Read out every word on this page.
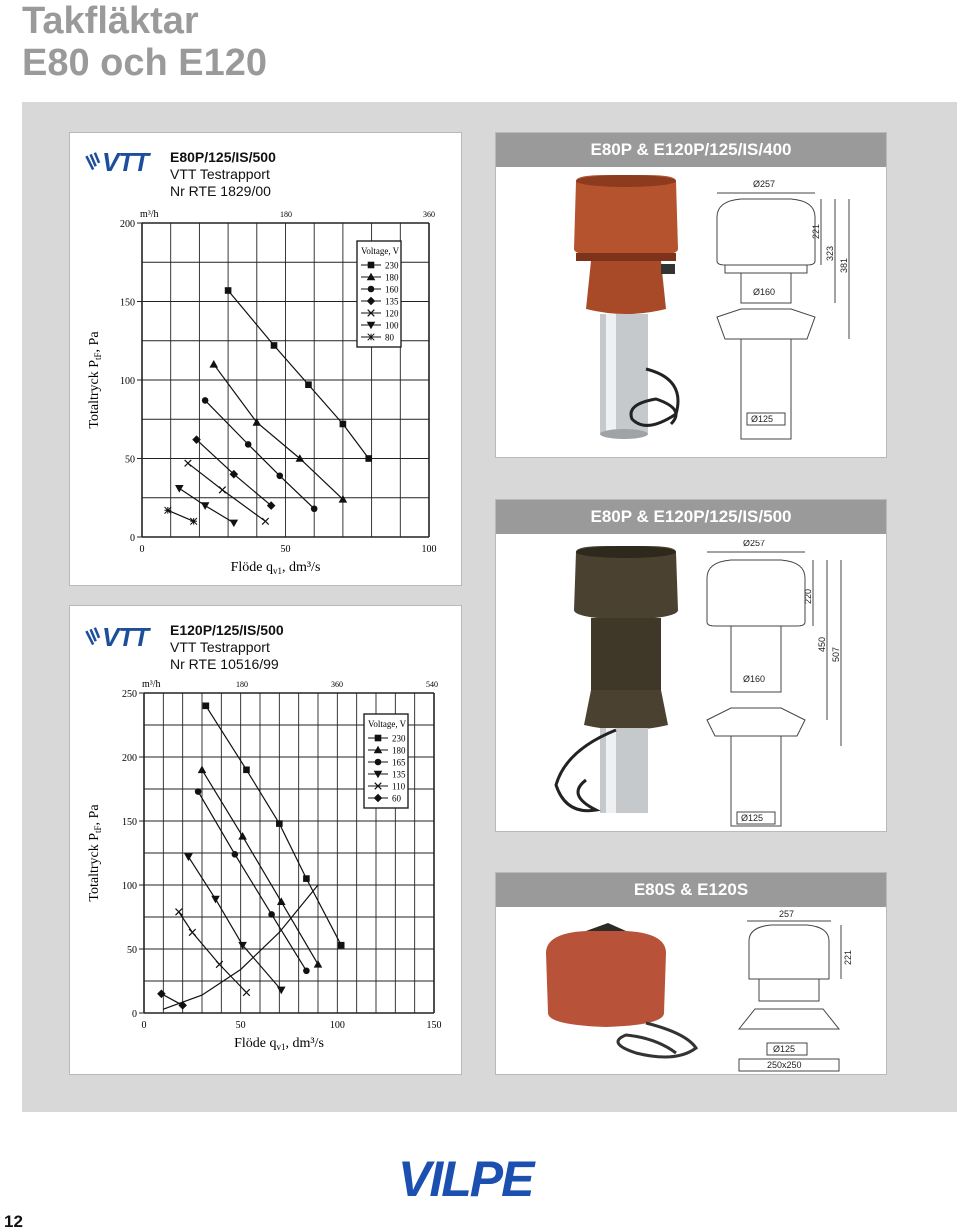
Takfläktar
E80 och E120
VTT E80P/125/IS/500
VTT Testrapport
Nr RTE 1829/00
0
50
100
150
200
0	50	100
m³/h	180	360
Totaltryck $P_{tF}$, Pa
Flöde $q_{v1}$, dm³/s
Voltage, V
230
180
160
135
120
100
80
VTT E120P/125/IS/500
VTT Testrapport
Nr RTE 10516/99
0
50
100
150
200
250
0	50	100	150
m³/h	180	360	540
Totaltryck $P_{tF}$, Pa
Flöde $q_{v1}$, dm³/s
Voltage, V
230
180
165
135
110
60
E80P & E120P/125/IS/400
Ø257
221
323
381
Ø160
Ø125
E80P & E120P/125/IS/500
Ø257
220
450
507
Ø160
Ø125
E80S & E120S
257
221
Ø125
250x250
VILPE
12
